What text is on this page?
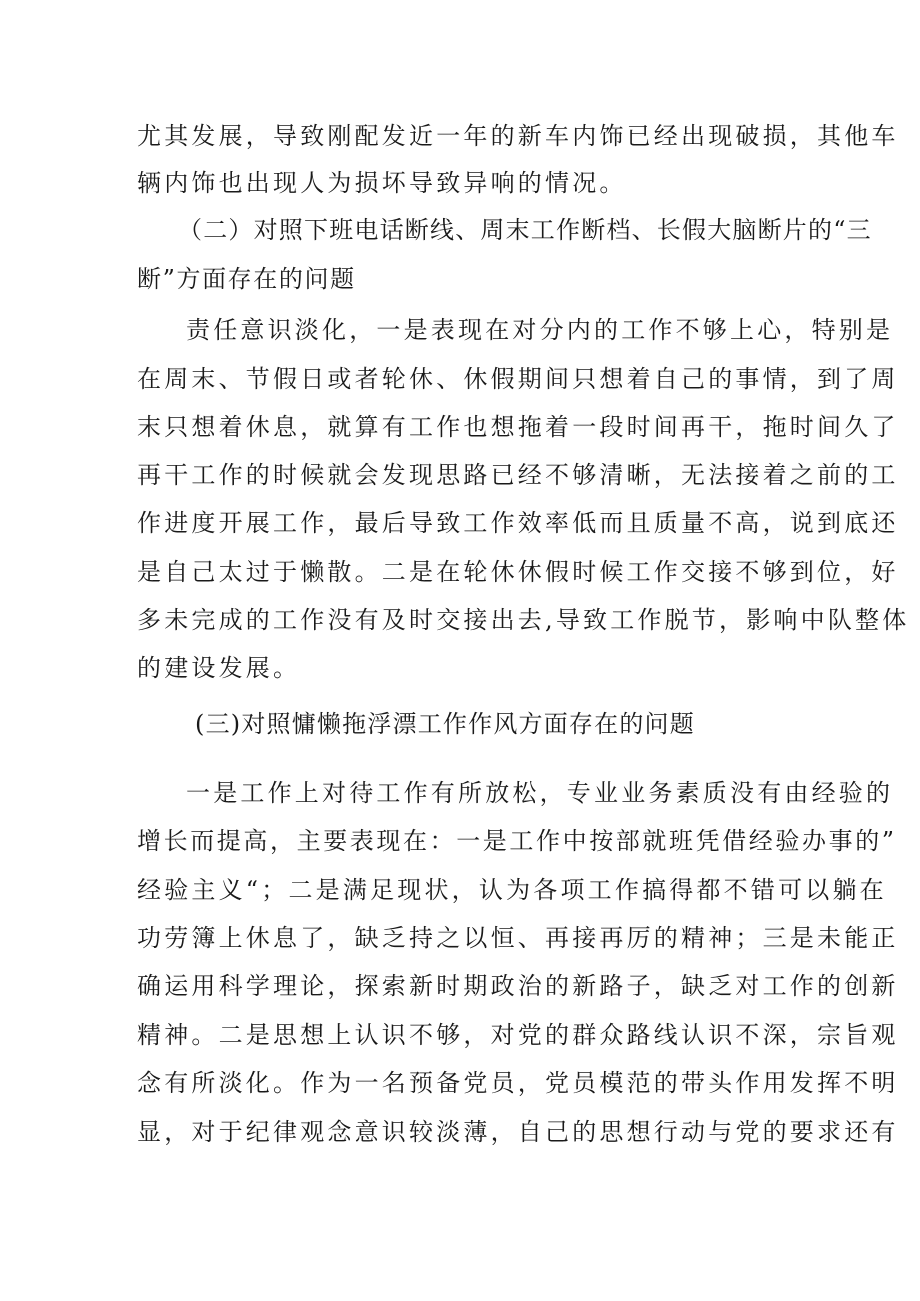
尤其发展，导致刚配发近一年的新车内饰已经出现破损，其他车
辆内饰也出现人为损坏导致异响的情况。
（二）对照下班电话断线、周末工作断档、长假大脑断片的“三
断”方面存在的问题
责任意识淡化，一是表现在对分内的工作不够上心，特别是
在周末、节假日或者轮休、休假期间只想着自己的事情，到了周
末只想着休息，就算有工作也想拖着一段时间再干，拖时间久了
再干工作的时候就会发现思路已经不够清晰，无法接着之前的工
作进度开展工作，最后导致工作效率低而且质量不高，说到底还
是自己太过于懒散。二是在轮休休假时候工作交接不够到位，好
多未完成的工作没有及时交接出去,导致工作脱节，影响中队整体
的建设发展。
(三)对照慵懒拖浮漂工作作风方面存在的问题
一是工作上对待工作有所放松，专业业务素质没有由经验的
增长而提高，主要表现在：一是工作中按部就班凭借经验办事的”
经验主义“；二是满足现状，认为各项工作搞得都不错可以躺在
功劳簿上休息了，缺乏持之以恒、再接再厉的精神；三是未能正
确运用科学理论，探索新时期政治的新路子，缺乏对工作的创新
精神。二是思想上认识不够，对党的群众路线认识不深，宗旨观
念有所淡化。作为一名预备党员，党员模范的带头作用发挥不明
显，对于纪律观念意识较淡薄，自己的思想行动与党的要求还有
